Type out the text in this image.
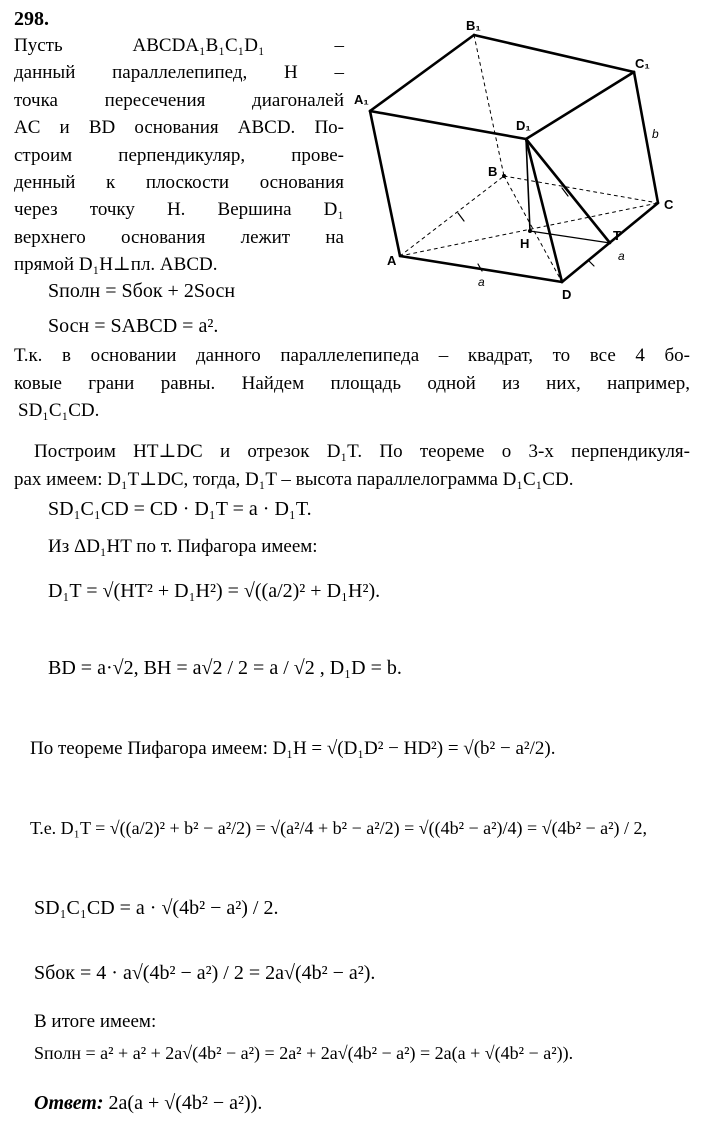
298.	B₁
C₁
A₁
D₁
B
C
H
T
A
D
b
a
a
Пусть ABCDA₁B₁C₁D₁ –
данный параллелепипед, H –
точка пересечения диагоналей
AC и BD основания ABCD. По-
строим перпендикуляр, прове-
денный к плоскости основания
через точку H. Вершина D₁
верхнего основания лежит на
прямой D₁H⊥пл. ABCD.
Sполн = Sбок + 2Sосн
Sосн = SABCD = a².
Т.к. в основании данного параллелепипеда – квадрат, то все 4 бо-
ковые грани равны. Найдем площадь одной из них, например,
SD₁C₁CD.
Построим HT⊥DC и отрезок D₁T. По теореме о 3-х перпендикуля-
рах имеем: D₁T⊥DC, тогда, D₁T – высота параллелограмма D₁C₁CD.
SD₁C₁CD = CD · D₁T = a · D₁T.
Из ΔD₁HT по т. Пифагора имеем:
D₁T = √(HT² + D₁H²) = √((a/2)² + D₁H²).
BD = a·√2, BH = a√2 / 2 = a / √2 , D₁D = b.
По теореме Пифагора имеем: D₁H = √(D₁D² − HD²) = √(b² − a²/2).
Т.е. D₁T = √((a/2)² + b² − a²/2) = √(a²/4 + b² − a²/2) = √((4b² − a²)/4) = √(4b² − a²) / 2,
SD₁C₁CD = a · √(4b² − a²) / 2.
Sбок = 4 · a√(4b² − a²) / 2 = 2a√(4b² − a²).
В итоге имеем:
Sполн = a² + a² + 2a√(4b² − a²) = 2a² + 2a√(4b² − a²) = 2a(a + √(4b² − a²)).
Ответ: 2a(a + √(4b² − a²)).
